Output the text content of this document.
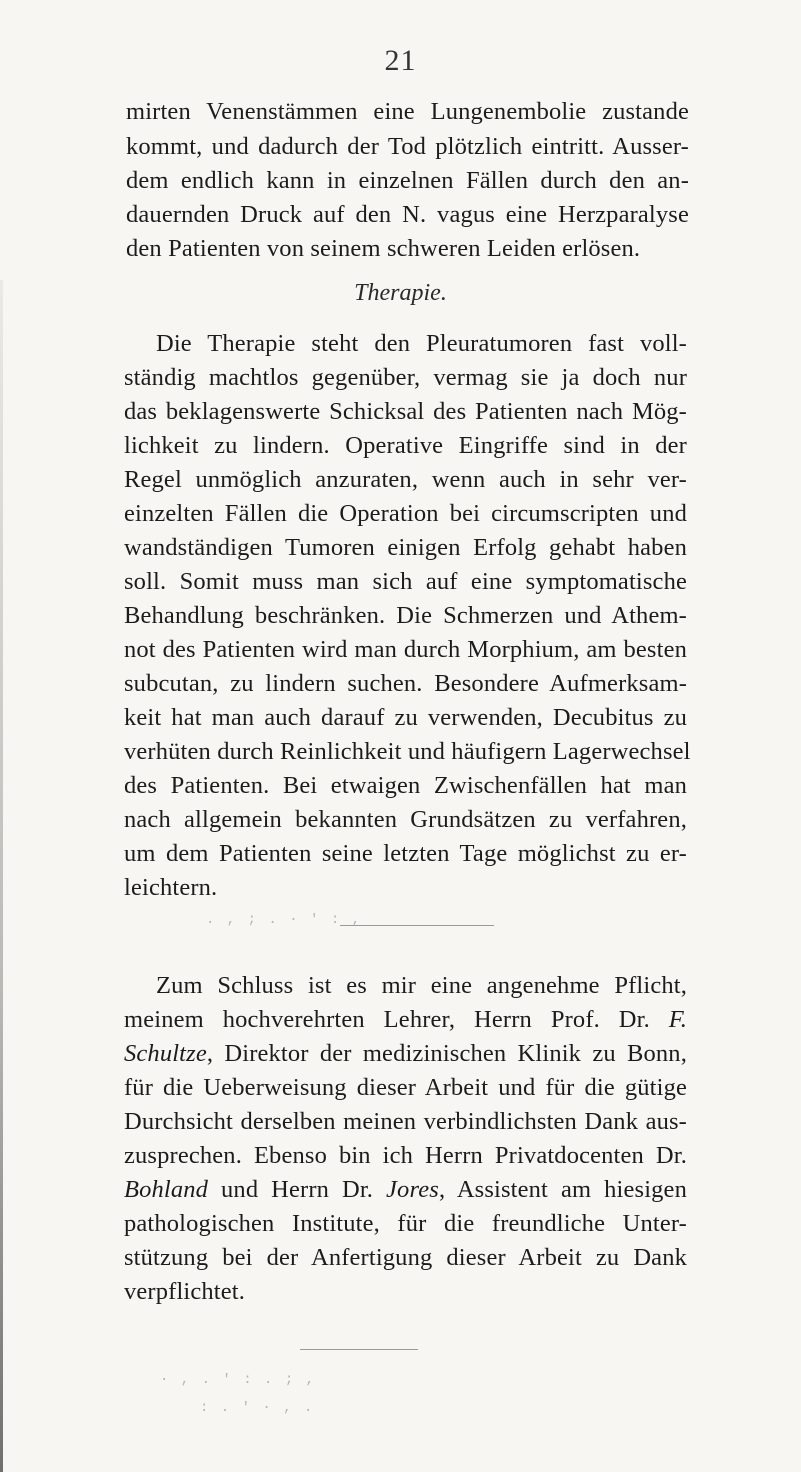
21
mirten Venenstämmen eine Lungenembolie zustande
kommt, und dadurch der Tod plötzlich eintritt. Ausser-
dem endlich kann in einzelnen Fällen durch den an-
dauernden Druck auf den N. vagus eine Herzparalyse
den Patienten von seinem schweren Leiden erlösen.
Therapie.
Die Therapie steht den Pleuratumoren fast voll-
ständig machtlos gegenüber, vermag sie ja doch nur
das beklagenswerte Schicksal des Patienten nach Mög-
lichkeit zu lindern. Operative Eingriffe sind in der
Regel unmöglich anzuraten, wenn auch in sehr ver-
einzelten Fällen die Operation bei circumscripten und
wandständigen Tumoren einigen Erfolg gehabt haben
soll. Somit muss man sich auf eine symptomatische
Behandlung beschränken. Die Schmerzen und Athem-
not des Patienten wird man durch Morphium, am besten
subcutan, zu lindern suchen. Besondere Aufmerksam-
keit hat man auch darauf zu verwenden, Decubitus zu
verhüten durch Reinlichkeit und häufigern Lagerwechsel
des Patienten. Bei etwaigen Zwischenfällen hat man
nach allgemein bekannten Grundsätzen zu verfahren,
um dem Patienten seine letzten Tage möglichst zu er-
leichtern.
. , ; . · ' : ,
Zum Schluss ist es mir eine angenehme Pflicht,
meinem hochverehrten Lehrer, Herrn Prof. Dr. F.
Schultze, Direktor der medizinischen Klinik zu Bonn,
für die Ueberweisung dieser Arbeit und für die gütige
Durchsicht derselben meinen verbindlichsten Dank aus-
zusprechen. Ebenso bin ich Herrn Privatdocenten Dr.
Bohland und Herrn Dr. Jores, Assistent am hiesigen
pathologischen Institute, für die freundliche Unter-
stützung bei der Anfertigung dieser Arbeit zu Dank
verpflichtet.
· , . ' : . ; ,
: . ' · , .
